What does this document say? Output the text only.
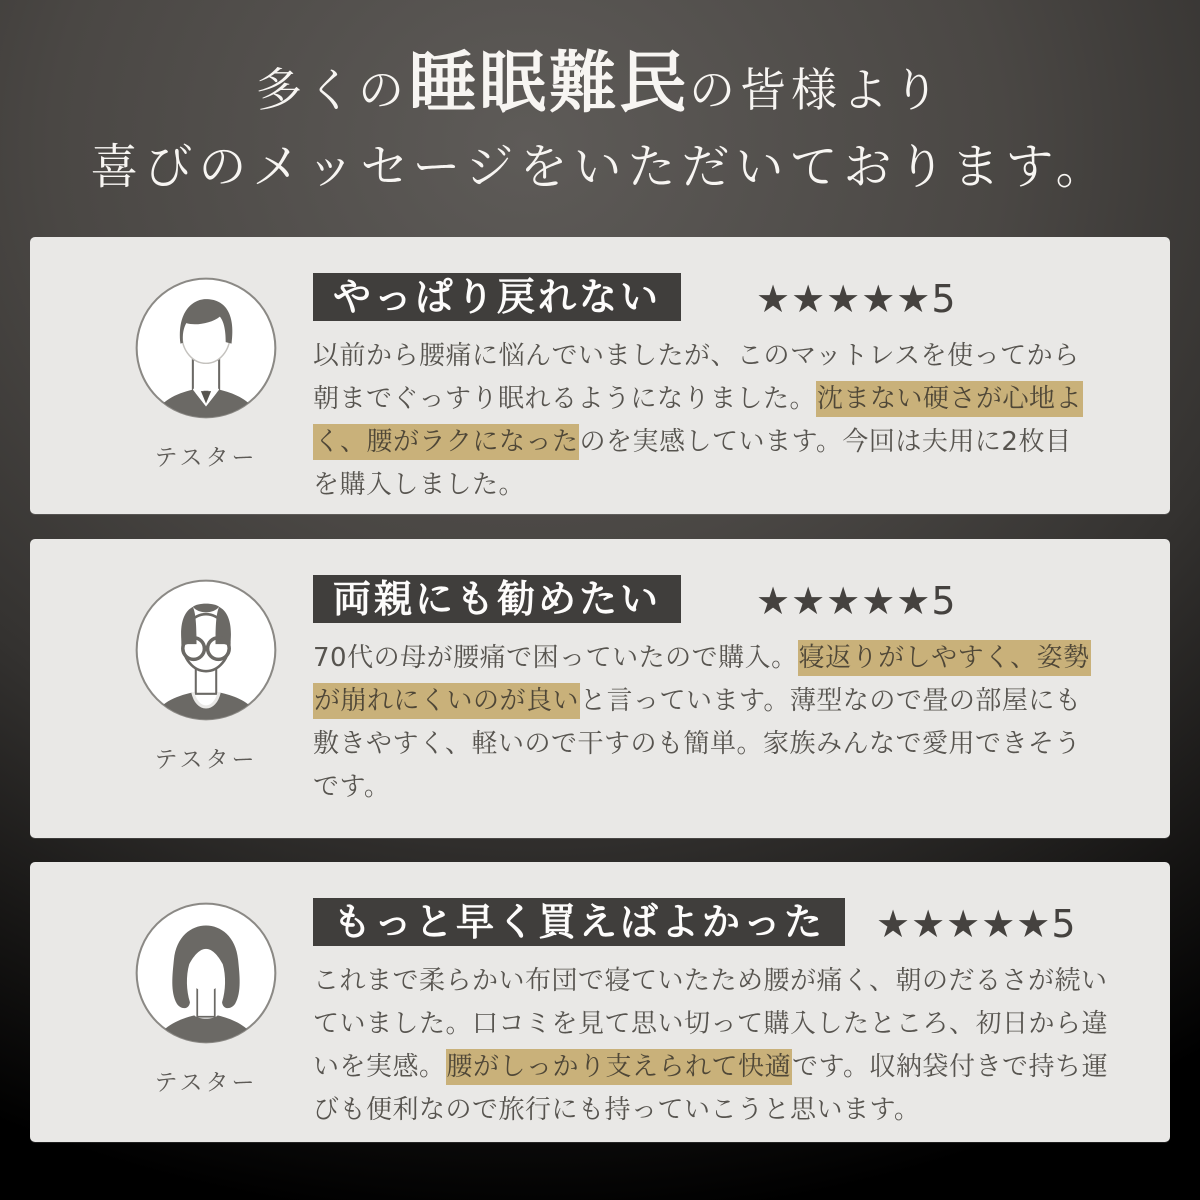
多くの睡眠難民の皆様より
喜びのメッセージをいただいております。
テスター
★★★★★5
やっぱり戻れない

以前から腰痛に悩んでいましたが、このマットレスを使ってから
朝までぐっすり眠れるようになりました。沈まない硬さが心地よ
く、腰がラクになったのを実感しています。今回は夫用に2枚目
を購入しました。

テスター
★★★★★5
両親にも勧めたい

70代の母が腰痛で困っていたので購入。寝返りがしやすく、姿勢
が崩れにくいのが良いと言っています。薄型なので畳の部屋にも
敷きやすく、軽いので干すのも簡単。家族みんなで愛用できそう
です。

テスター
★★★★★5
もっと早く買えばよかった

これまで柔らかい布団で寝ていたため腰が痛く、朝のだるさが続い
ていました。口コミを見て思い切って購入したところ、初日から違
いを実感。腰がしっかり支えられて快適です。収納袋付きで持ち運
びも便利なので旅行にも持っていこうと思います。
